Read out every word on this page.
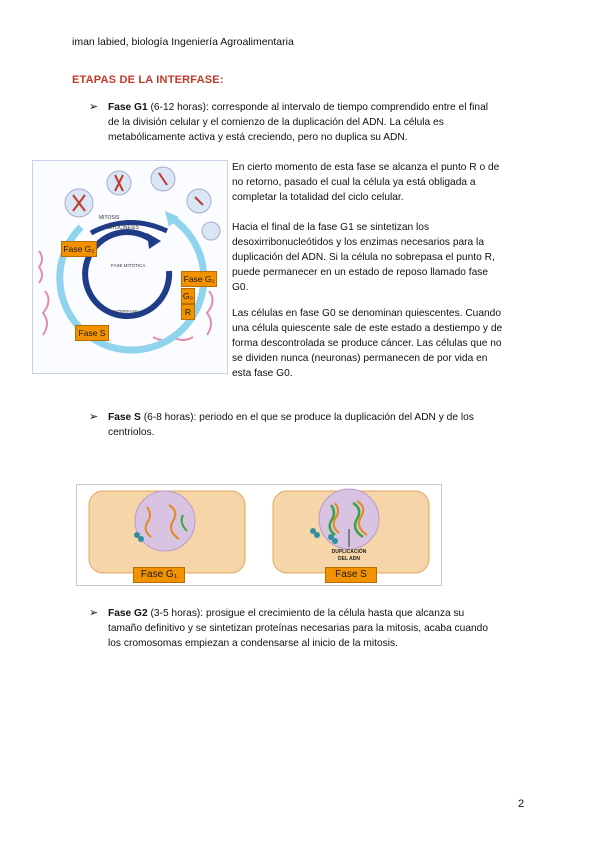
iman labied, biología Ingeniería Agroalimentaria
ETAPAS DE LA INTERFASE:
➢ Fase G1 (6-12 horas): corresponde al intervalo de tiempo comprendido entre el final
de la división celular y el comienzo de la duplicación del ADN. La célula es
metabólicamente activa y está creciendo, pero no duplica su ADN.
MITOSIS
CITOCINESIS
FASE MITÓTICA
INTERFASE
Fase G₂
Fase G₁
G₀
R
Fase S
En cierto momento de esta fase se alcanza el punto R o de
no retorno, pasado el cual la célula ya está obligada a
completar la totalidad del ciclo celular.
Hacia el final de la fase G1 se sintetizan los
desoxirribonucleótidos y los enzimas necesarios para la
duplicación del ADN. Si la célula no sobrepasa el punto R,
puede permanecer en un estado de reposo llamado fase
G0.
Las células en fase G0 se denominan quiescentes. Cuando
una célula quiescente sale de este estado a destiempo y de
forma descontrolada se produce cáncer. Las células que no
se dividen nunca (neuronas) permanecen de por vida en
esta fase G0.
➢ Fase S (6-8 horas): periodo en el que se produce la duplicación del ADN y de los
centriolos.
DUPLICACIÓN
DEL ADN
Fase G₁	Fase S
➢ Fase G2 (3-5 horas): prosigue el crecimiento de la célula hasta que alcanza su
tamaño definitivo y se sintetizan proteínas necesarias para la mitosis, acaba cuando
los cromosomas empiezan a condensarse al inicio de la mitosis.
2
